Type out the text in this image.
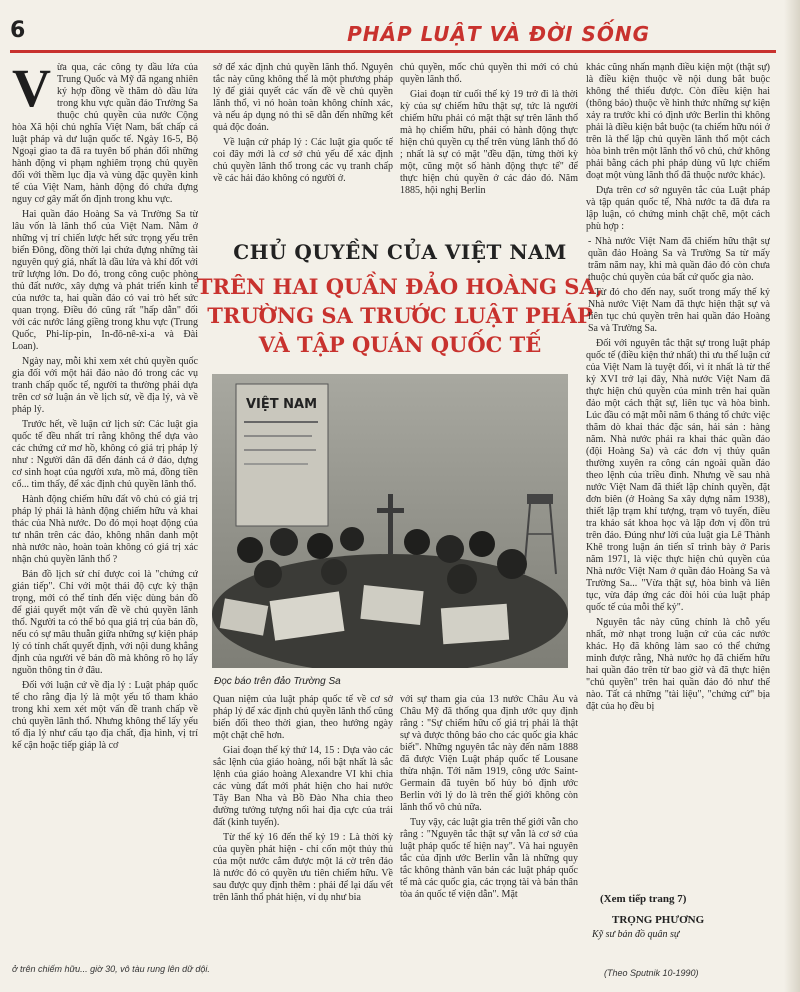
6	PHÁP LUẬT VÀ ĐỜI SỐNG
V ừa qua, các công ty dầu lửa của Trung Quốc và Mỹ đã ngang nhiên ký hợp đồng về thăm dò dầu lửa trong khu vực quần đảo Trường Sa thuộc chủ quyền của nước Cộng hòa Xã hội chủ nghĩa Việt Nam, bất chấp cả luật pháp và dư luận quốc tế. Ngày 16-5, Bộ Ngoại giao ta đã ra tuyên bố phản đối những hành động vi phạm nghiêm trọng chủ quyền đối với thềm lục địa và vùng đặc quyền kinh tế của Việt Nam, hành động đó chứa đựng nguy cơ gây mất ổn định trong khu vực.

Hai quần đảo Hoàng Sa và Trường Sa từ lâu vốn là lãnh thổ của Việt Nam. Nằm ở những vị trí chiến lược hết sức trọng yếu trên biển Đông, đồng thời lại chứa đựng những tài nguyên quý giá, nhất là dầu lửa và khí đốt với trữ lượng lớn. Do đó, trong công cuộc phòng thủ đất nước, xây dựng và phát triển kinh tế của nước ta, hai quần đảo có vai trò hết sức quan trọng. Điều đó cũng rất "hấp dẫn" đối với các nước láng giềng trong khu vực (Trung Quốc, Phi-líp-pin, In-đô-nê-xi-a và Đài Loan).

Ngày nay, mỗi khi xem xét chủ quyền quốc gia đối với một hải đảo nào đó trong các vụ tranh chấp quốc tế, người ta thường phải dựa trên cơ sở luận án về lịch sử, về địa lý, và về pháp lý.

Trước hết, về luận cứ lịch sử: Các luật gia quốc tế đều nhất trí rằng không thể dựa vào các chứng cứ mơ hồ, không có giá trị pháp lý như : Người dân đã đến đánh cá ở đảo, dựng cơ sinh hoạt của người xưa, mồ mả, đồng tiền cổ... tìm thấy, để xác định chủ quyền lãnh thổ.

Hành động chiếm hữu đất vô chủ có giá trị pháp lý phải là hành động chiếm hữu và khai thác của Nhà nước. Do đó mọi hoạt động của tư nhân trên các đảo, không nhân danh một nhà nước nào, hoàn toàn không có giá trị xác nhận chủ quyền lãnh thổ ?

Bản đồ lịch sử chỉ được coi là "chứng cứ gián tiếp". Chỉ với một thái độ cực kỳ thận trọng, mới có thể tính đến việc dùng bản đồ để giải quyết một vấn đề về chủ quyền lãnh thổ. Người ta có thể bỏ qua giá trị của bản đồ, nếu có sự mâu thuẫn giữa những sự kiện pháp lý có tính chất quyết định, với nội dung khẳng định của người vẽ bản đồ mà không rõ họ lấy nguồn thông tin ở đâu.

Đối với luận cứ về địa lý : Luật pháp quốc tế cho rằng địa lý là một yếu tố tham khảo trong khi xem xét một vấn đề tranh chấp về chủ quyền lãnh thổ. Nhưng không thể lấy yếu tố địa lý như cấu tạo địa chất, địa hình, vị trí kế cận hoặc tiếp giáp là cơ

ở trên chiếm hữu... giờ 30, vô tàu rung lên dữ dội.

sở để xác định chủ quyền lãnh thổ. Nguyên tắc này cũng không thể là một phương pháp lý để giải quyết các vấn đề về chủ quyền lãnh thổ, vì nó hoàn toàn không chính xác, và nếu áp dụng nó thì sẽ dẫn đến những kết quả độc đoán.

Về luận cứ pháp lý : Các luật gia quốc tế coi đây mới là cơ sở chủ yếu để xác định chủ quyền lãnh thổ trong các vụ tranh chấp về các hải đảo không có người ở.

chủ quyền, mốc chủ quyền thì mới có chủ quyền lãnh thổ.

Giai đoạn từ cuối thế kỷ 19 trở đi là thời kỳ của sự chiếm hữu thật sự, tức là người chiếm hữu phải có mặt thật sự trên lãnh thổ mà họ chiếm hữu, phải có hành động thực hiện chủ quyền cụ thể trên vùng lãnh thổ đó ; nhất là sự có mặt "đều đặn, từng thời kỳ một, cũng một số hành động thực tế" để thực hiện chủ quyền ở các đảo đó. Năm 1885, hội nghị Berlin

CHỦ QUYỀN CỦA VIỆT NAM
TRÊN HAI QUẦN ĐẢO HOÀNG SA,
TRƯỜNG SA TRƯỚC LUẬT PHÁP
VÀ TẬP QUÁN QUỐC TẾ
VIỆT NAM
Đọc báo trên đảo Trường Sa

Quan niệm của luật pháp quốc tế về cơ sở pháp lý để xác định chủ quyền lãnh thổ cũng biến đổi theo thời gian, theo hướng ngày một chặt chẽ hơn.

Giai đoạn thế kỷ thứ 14, 15 : Dựa vào các sắc lệnh của giáo hoàng, nổi bật nhất là sắc lệnh của giáo hoàng Alexandre VI khi chia các vùng đất mới phát hiện cho hai nước Tây Ban Nha và Bồ Đào Nha chia theo đường tưởng tượng nối hai địa cực của trái đất (kinh tuyến).

Từ thế kỷ 16 đến thế kỷ 19 : Là thời kỳ của quyền phát hiện - chỉ cốn một thủy thủ của một nước cắm được một lá cờ trên đảo là nước đó có quyền ưu tiên chiếm hữu. Về sau được quy định thêm : phải để lại dấu vết trên lãnh thổ phát hiện, ví dụ như bia

với sự tham gia của 13 nước Châu Âu và Châu Mỹ đã thống qua định ước quy định rằng : "Sự chiếm hữu cố giá trị phải là thật sự và được thông báo cho các quốc gia khác biết". Những nguyên tắc này đến năm 1888 đã được Viện Luật pháp quốc tế Lousane thừa nhận. Tới năm 1919, công ước Saint-Germain đã tuyên bố hủy bỏ định ước Berlin với lý do là trên thế giới không còn lãnh thổ vô chủ nữa.

Tuy vậy, các luật gia trên thế giới vẫn cho rằng : "Nguyên tắc thật sự vẫn là cơ sở của luật pháp quốc tế hiện nay". Và hai nguyên tắc của định ước Berlin vẫn là những quy tắc không thành văn bản các luật pháp quốc tế mà các quốc gia, các trọng tài và bản thân tòa án quốc tế viện dẫn". Mặt

khác cũng nhấn mạnh điều kiện một (thật sự) là điều kiện thuộc về nội dung bắt buộc không thể thiếu được. Còn điều kiện hai (thông báo) thuộc về hình thức những sự kiện xảy ra trước khi có định ước Berlin thì không phải là điều kiện bắt buộc (ta chiếm hữu nói ở trên là thể lập chủ quyền lãnh thổ một cách hòa bình trên một lãnh thổ vô chủ, chứ không phải bằng cách phi pháp dùng vũ lực chiếm đoạt một vùng lãnh thổ đã thuộc nước khác).

Dựa trên cơ sở nguyên tắc của Luật pháp và tập quán quốc tế, Nhà nước ta đã đưa ra lập luận, có chứng minh chặt chẽ, một cách phù hợp :

- Nhà nước Việt Nam đã chiếm hữu thật sự quần đảo Hoàng Sa và Trường Sa từ mấy trăm năm nay, khi mà quần đảo đó còn chưa thuộc chủ quyền của bất cứ quốc gia nào.

- Từ đó cho đến nay, suốt trong mấy thế kỷ Nhà nước Việt Nam đã thực hiện thật sự và liên tục chủ quyền trên hai quần đảo Hoàng Sa và Trường Sa.

Đối với nguyên tắc thật sự trong luật pháp quốc tế (điều kiện thứ nhất) thì ưu thế luận cứ của Việt Nam là tuyệt đối, vì ít nhất là từ thế kỷ XVI trở lại đây, Nhà nước Việt Nam đã thực hiện chủ quyền của mình trên hai quần đảo một cách thật sự, liên tục và hòa bình. Lúc đầu có mặt mỗi năm 6 tháng tổ chức việc thăm dò khai thác đặc sản, hải sản : hàng năm. Nhà nước phải ra khai thác quần đảo (đội Hoàng Sa) và các đơn vị thủy quân thường xuyên ra công cán ngoài quần đảo theo lệnh của triều đình. Nhưng về sau nhà nước Việt Nam đã thiết lập chính quyền, đặt đơn biên (ở Hoàng Sa xây dựng năm 1938), thiết lập trạm khí tượng, trạm vô tuyến, điều tra khảo sát khoa học và lập đơn vị đồn trú trên đảo. Đúng như lời của luật gia Lê Thành Khê trong luận án tiến sĩ trình bày ở Paris năm 1971, là việc thực hiện chủ quyền của Nhà nước Việt Nam ở quần đảo Hoàng Sa và Trường Sa... "Vừa thật sự, hòa bình và liên tục, vừa đáp ứng các đòi hỏi của luật pháp quốc tế của mỗi thế kỷ".

Nguyên tắc này cũng chính là chỗ yếu nhất, mờ nhạt trong luận cứ của các nước khác. Họ đã không làm sao có thể chứng minh được rằng, Nhà nước họ đã chiếm hữu hai quần đảo trên từ bao giờ và đã thực hiện "chủ quyền" trên hai quần đảo đó như thế nào. Tất cả những "tài liệu", "chứng cứ" bịa đặt của họ đều bị

(Xem tiếp trang 7)
TRỌNG PHƯƠNG
Kỹ sư bản đồ quân sự
(Theo Sputnik 10-1990)
